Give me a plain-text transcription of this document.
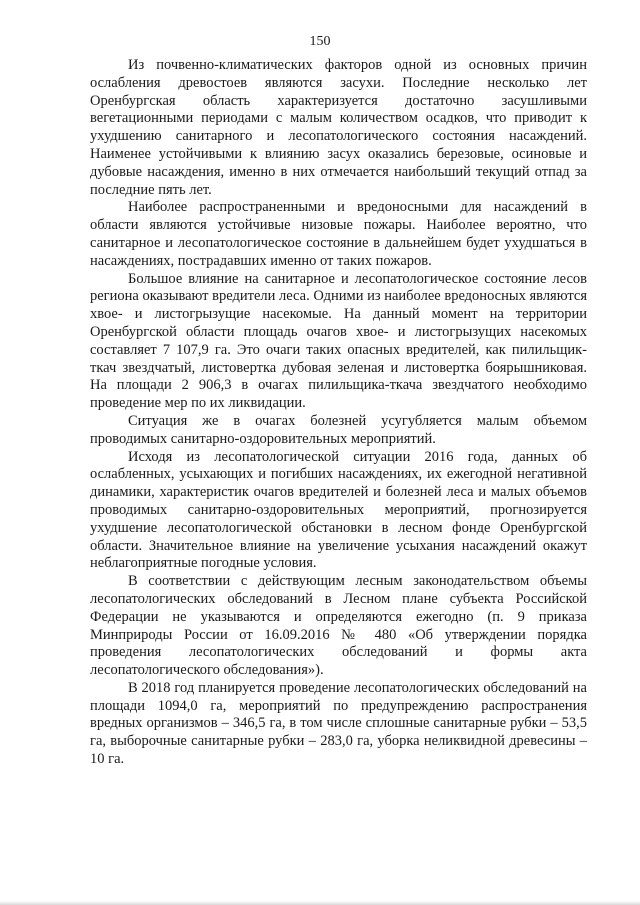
150

Из почвенно-климатических факторов одной из основных причин ослабления древостоев являются засухи. Последние несколько лет Оренбургская область характеризуется достаточно засушливыми вегетационными периодами с малым количеством осадков, что приводит к ухудшению санитарного и лесопатологического состояния насаждений. Наименее устойчивыми к влиянию засух оказались березовые, осиновые и дубовые насаждения, именно в них отмечается наибольший текущий отпад за последние пять лет.

Наиболее распространенными и вредоносными для насаждений в области являются устойчивые низовые пожары. Наиболее вероятно, что санитарное и лесопатологическое состояние в дальнейшем будет ухудшаться в насаждениях, пострадавших именно от таких пожаров.

Большое влияние на санитарное и лесопатологическое состояние лесов региона оказывают вредители леса. Одними из наиболее вредоносных являются хвое- и листогрызущие насекомые. На данный момент на территории Оренбургской области площадь очагов хвое- и листогрызущих насекомых составляет 7 107,9 га. Это очаги таких опасных вредителей, как пилильщик-ткач звездчатый, листовертка дубовая зеленая и листовертка боярышниковая. На площади 2 906,3 в очагах пилильщика-ткача звездчатого необходимо проведение мер по их ликвидации.

Ситуация же в очагах болезней усугубляется малым объемом проводимых санитарно-оздоровительных мероприятий.

Исходя из лесопатологической ситуации 2016 года, данных об ослабленных, усыхающих и погибших насаждениях, их ежегодной негативной динамики, характеристик очагов вредителей и болезней леса и малых объемов проводимых санитарно-оздоровительных мероприятий, прогнозируется ухудшение лесопатологической обстановки в лесном фонде Оренбургской области. Значительное влияние на увеличение усыхания насаждений окажут неблагоприятные погодные условия.

В соответствии с действующим лесным законодательством объемы лесопатологических обследований в Лесном плане субъекта Российской Федерации не указываются и определяются ежегодно (п. 9 приказа Минприроды России от 16.09.2016 № 480 «Об утверждении порядка проведения лесопатологических обследований и формы акта лесопатологического обследования»).

В 2018 год планируется проведение лесопатологических обследований на площади 1094,0 га, мероприятий по предупреждению распространения вредных организмов – 346,5 га, в том числе сплошные санитарные рубки – 53,5 га, выборочные санитарные рубки – 283,0 га, уборка неликвидной древесины – 10 га.
